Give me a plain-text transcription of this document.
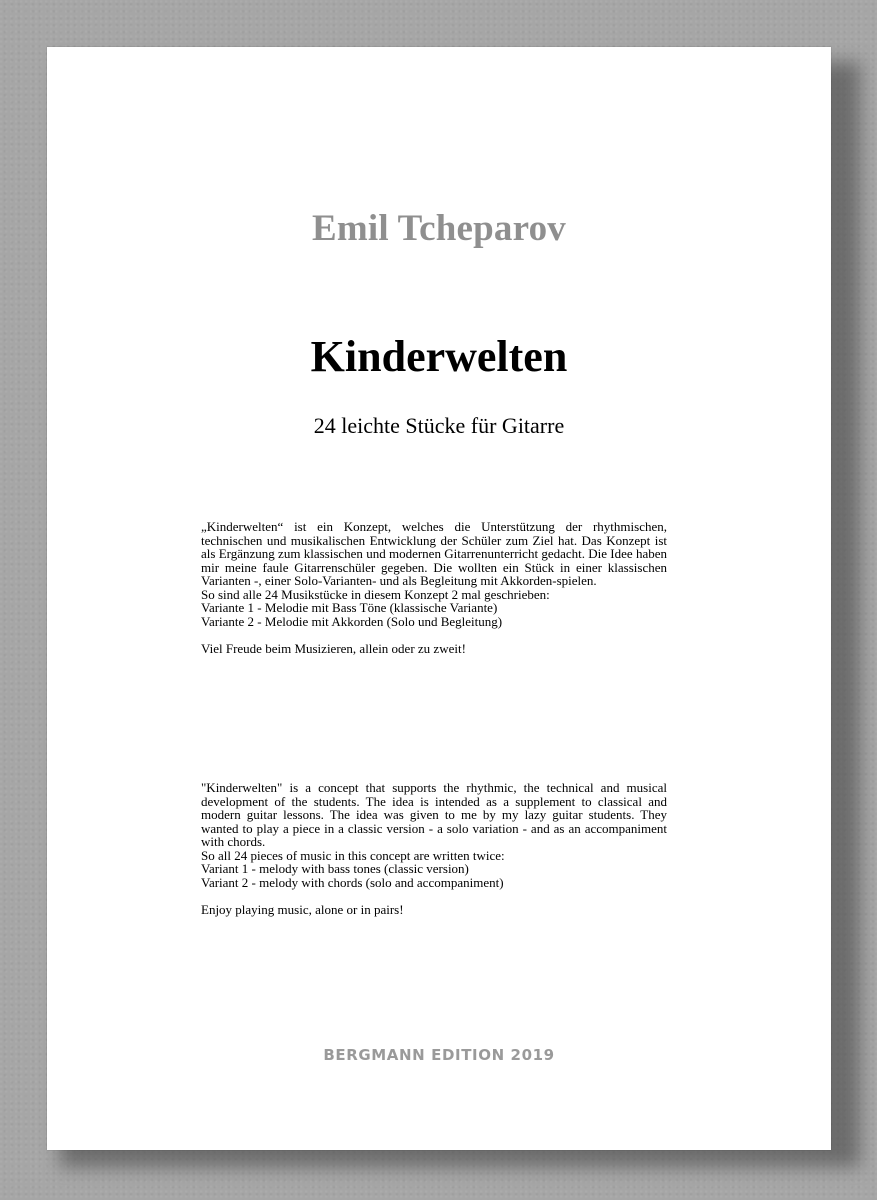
Emil Tcheparov
Kinderwelten
24 leichte Stücke für Gitarre

„Kinderwelten“ ist ein Konzept, welches die Unterstützung der rhythmischen, technischen und musikalischen Entwicklung der Schüler zum Ziel hat. Das Konzept ist als Ergänzung zum klassischen und modernen Gitarrenunterricht gedacht. Die Idee haben mir meine faule Gitarrenschüler gegeben. Die wollten ein Stück in einer klassischen Varianten -, einer Solo-Varianten- und als Begleitung mit Akkorden-spielen.

So sind alle 24 Musikstücke in diesem Konzept 2 mal geschrieben:

Variante 1 - Melodie mit Bass Töne (klassische Variante)

Variante 2 - Melodie mit Akkorden (Solo und Begleitung)

Viel Freude beim Musizieren, allein oder zu zweit!

"Kinderwelten" is a concept that supports the rhythmic, the technical and musical development of the students. The idea is intended as a supplement to classical and modern guitar lessons. The idea was given to me by my lazy guitar students. They wanted to play a piece in a classic version - a solo variation - and as an accompaniment with chords.

So all 24 pieces of music in this concept are written twice:

Variant 1 - melody with bass tones (classic version)

Variant 2 - melody with chords (solo and accompaniment)

Enjoy playing music, alone or in pairs!

BERGMANN EDITION 2019
